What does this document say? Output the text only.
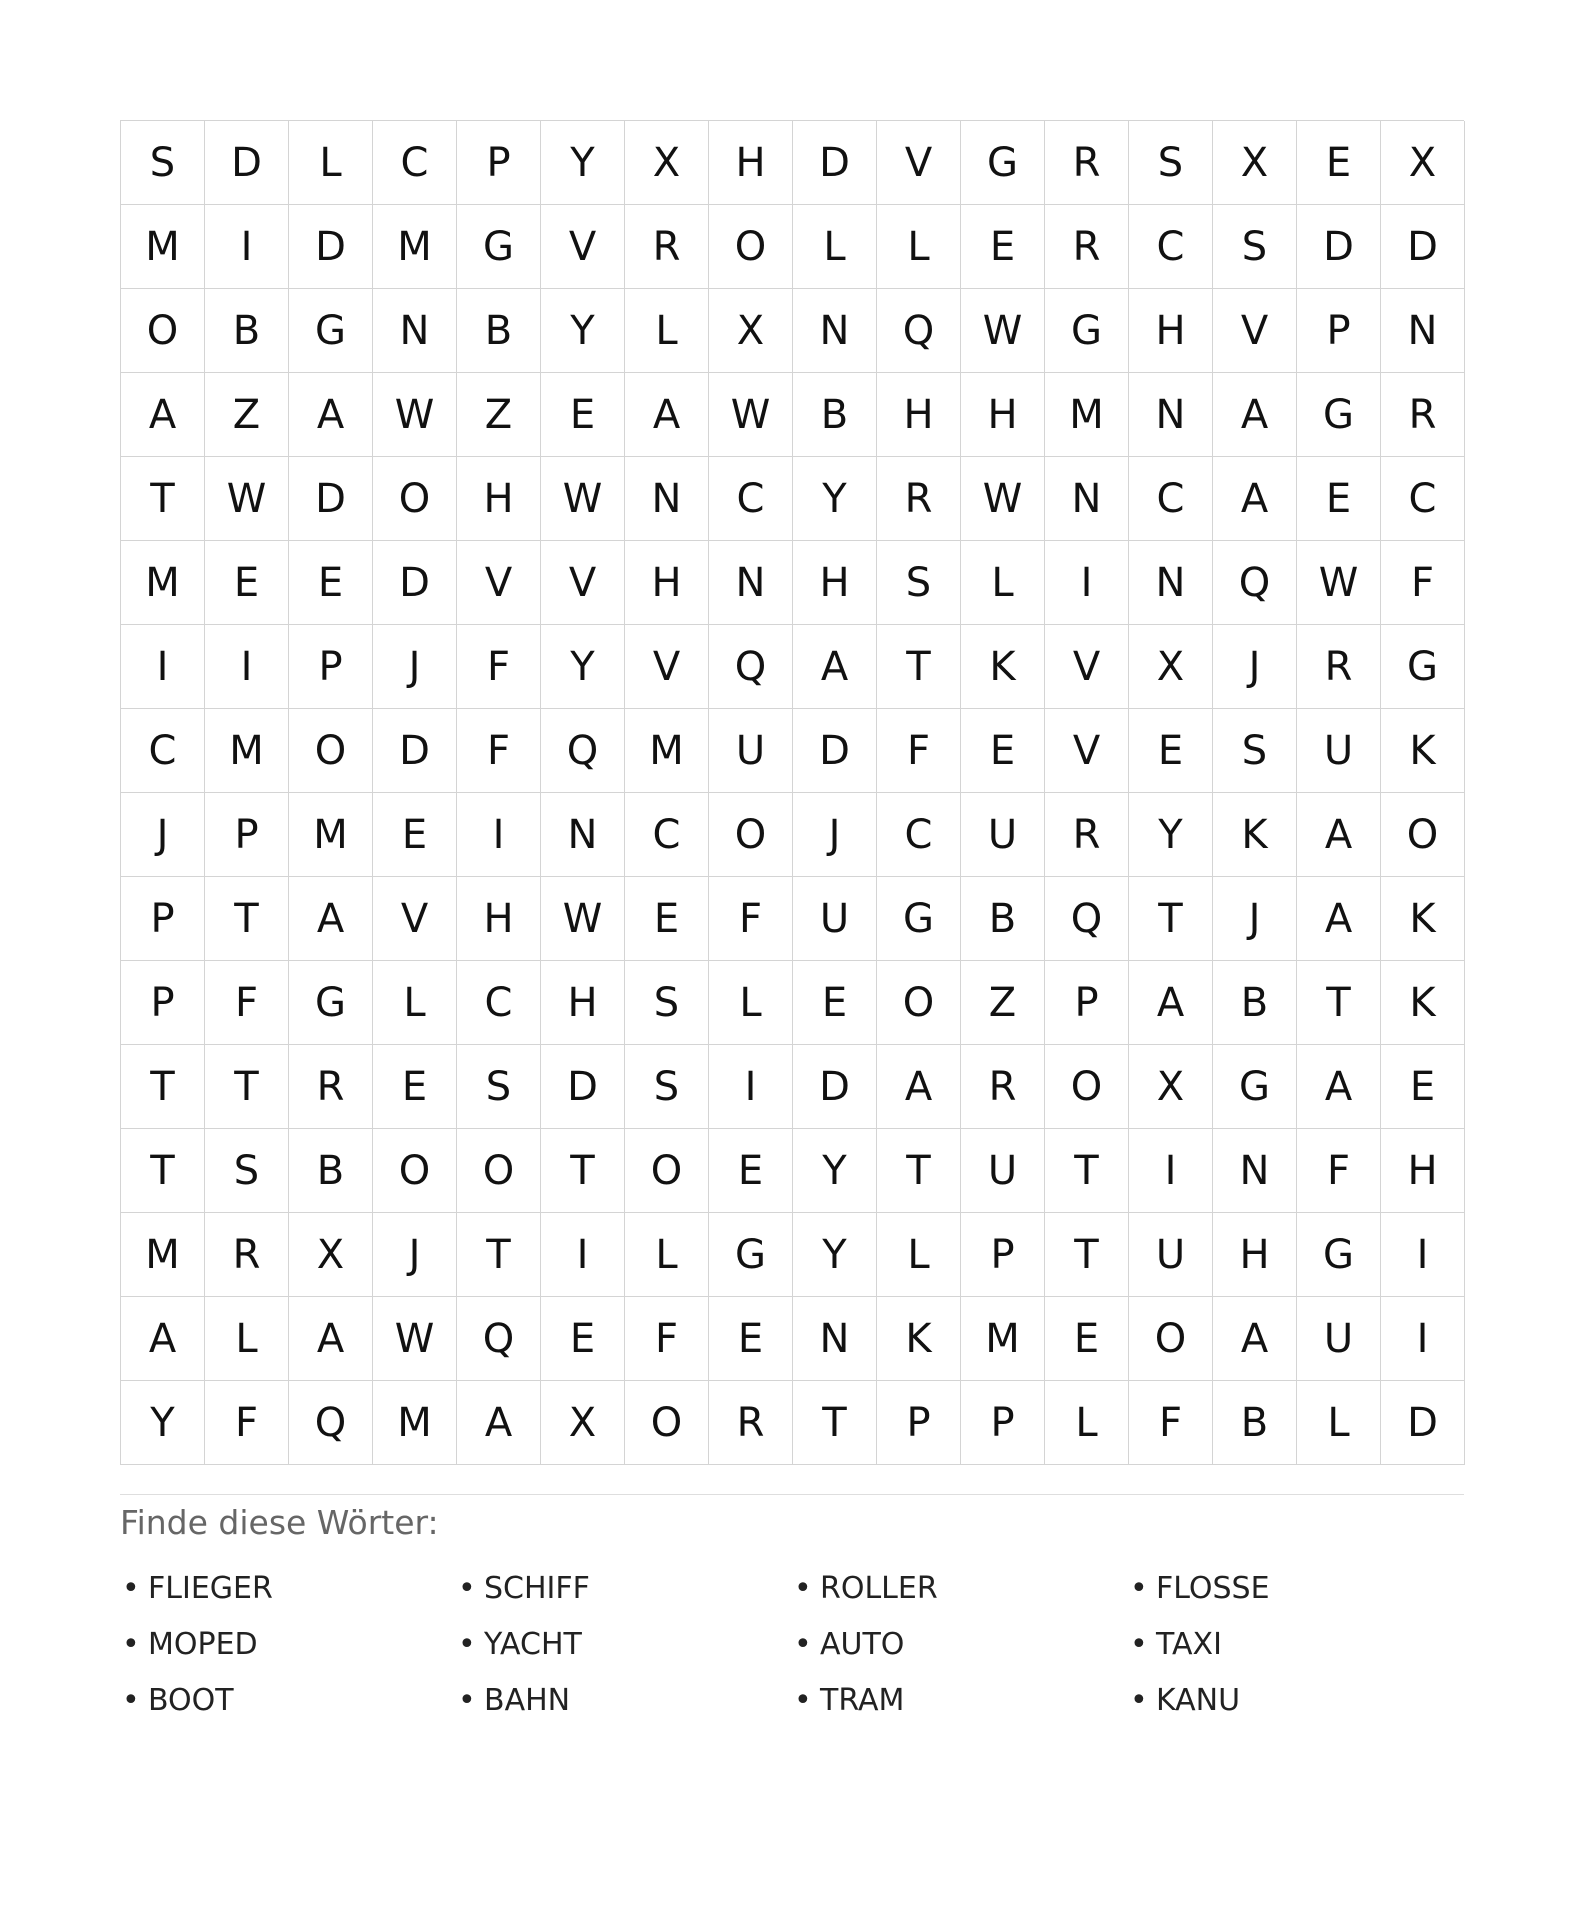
S	D	L	C	P	Y	X	H	D	V	G	R	S	X	E	X
M	I	D	M	G	V	R	O	L	L	E	R	C	S	D	D
O	B	G	N	B	Y	L	X	N	Q	W	G	H	V	P	N
A	Z	A	W	Z	E	A	W	B	H	H	M	N	A	G	R
T	W	D	O	H	W	N	C	Y	R	W	N	C	A	E	C
M	E	E	D	V	V	H	N	H	S	L	I	N	Q	W	F
I	I	P	J	F	Y	V	Q	A	T	K	V	X	J	R	G
C	M	O	D	F	Q	M	U	D	F	E	V	E	S	U	K
J	P	M	E	I	N	C	O	J	C	U	R	Y	K	A	O
P	T	A	V	H	W	E	F	U	G	B	Q	T	J	A	K
P	F	G	L	C	H	S	L	E	O	Z	P	A	B	T	K
T	T	R	E	S	D	S	I	D	A	R	O	X	G	A	E
T	S	B	O	O	T	O	E	Y	T	U	T	I	N	F	H
M	R	X	J	T	I	L	G	Y	L	P	T	U	H	G	I
A	L	A	W	Q	E	F	E	N	K	M	E	O	A	U	I
Y	F	Q	M	A	X	O	R	T	P	P	L	F	B	L	D
Finde diese Wörter:
• FLIEGER	• SCHIFF	• ROLLER	• FLOSSE
• MOPED	• YACHT	• AUTO	• TAXI
• BOOT	• BAHN	• TRAM	• KANU
